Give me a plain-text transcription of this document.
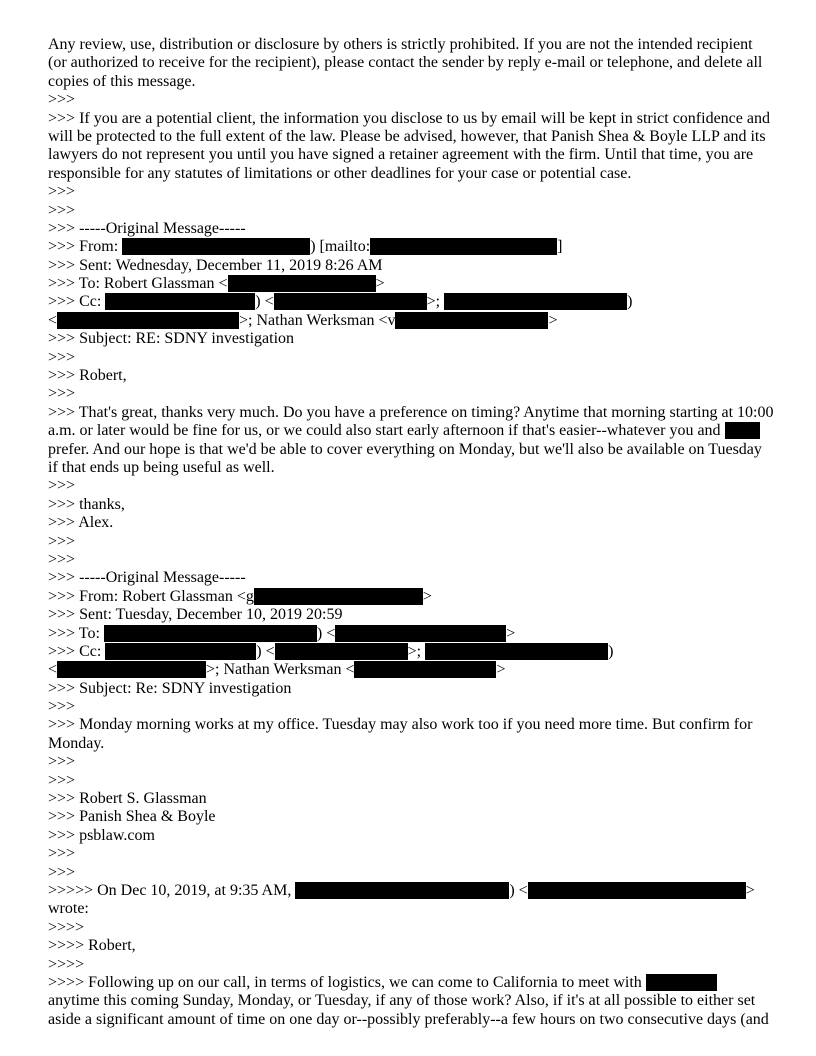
Any review, use, distribution or disclosure by others is strictly prohibited. If you are not the intended recipient
(or authorized to receive for the recipient), please contact the sender by reply e-mail or telephone, and delete all
copies of this message.
>>>
>>> If you are a potential client, the information you disclose to us by email will be kept in strict confidence and
will be protected to the full extent of the law. Please be advised, however, that Panish Shea & Boyle LLP and its
lawyers do not represent you until you have signed a retainer agreement with the firm. Until that time, you are
responsible for any statutes of limitations or other deadlines for your case or potential case.
>>>
>>>
>>> -----Original Message-----
>>> From:	) [mailto:	]
>>> Sent: Wednesday, December 11, 2019 8:26 AM
>>> To: Robert Glassman <	>
>>> Cc:	) <	>;	)
<	>; Nathan Werksman <v	>
>>> Subject: RE: SDNY investigation
>>>
>>> Robert,
>>>
>>> That's great, thanks very much. Do you have a preference on timing? Anytime that morning starting at 10:00
a.m. or later would be fine for us, or we could also start early afternoon if that's easier--whatever you and
prefer. And our hope is that we'd be able to cover everything on Monday, but we'll also be available on Tuesday
if that ends up being useful as well.
>>>
>>> thanks,
>>> Alex.
>>>
>>>
>>> -----Original Message-----
>>> From: Robert Glassman <g	>
>>> Sent: Tuesday, December 10, 2019 20:59
>>> To:	) <	>
>>> Cc:	) <	>;	)
<	>; Nathan Werksman <	>
>>> Subject: Re: SDNY investigation
>>>
>>> Monday morning works at my office. Tuesday may also work too if you need more time. But confirm for
Monday.
>>>
>>>
>>> Robert S. Glassman
>>> Panish Shea & Boyle
>>> psblaw.com
>>>
>>>
>>>>> On Dec 10, 2019, at 9:35 AM,	) <	>
wrote:
>>>>
>>>> Robert,
>>>>
>>>> Following up on our call, in terms of logistics, we can come to California to meet with
anytime this coming Sunday, Monday, or Tuesday, if any of those work? Also, if it's at all possible to either set
aside a significant amount of time on one day or--possibly preferably--a few hours on two consecutive days (and
